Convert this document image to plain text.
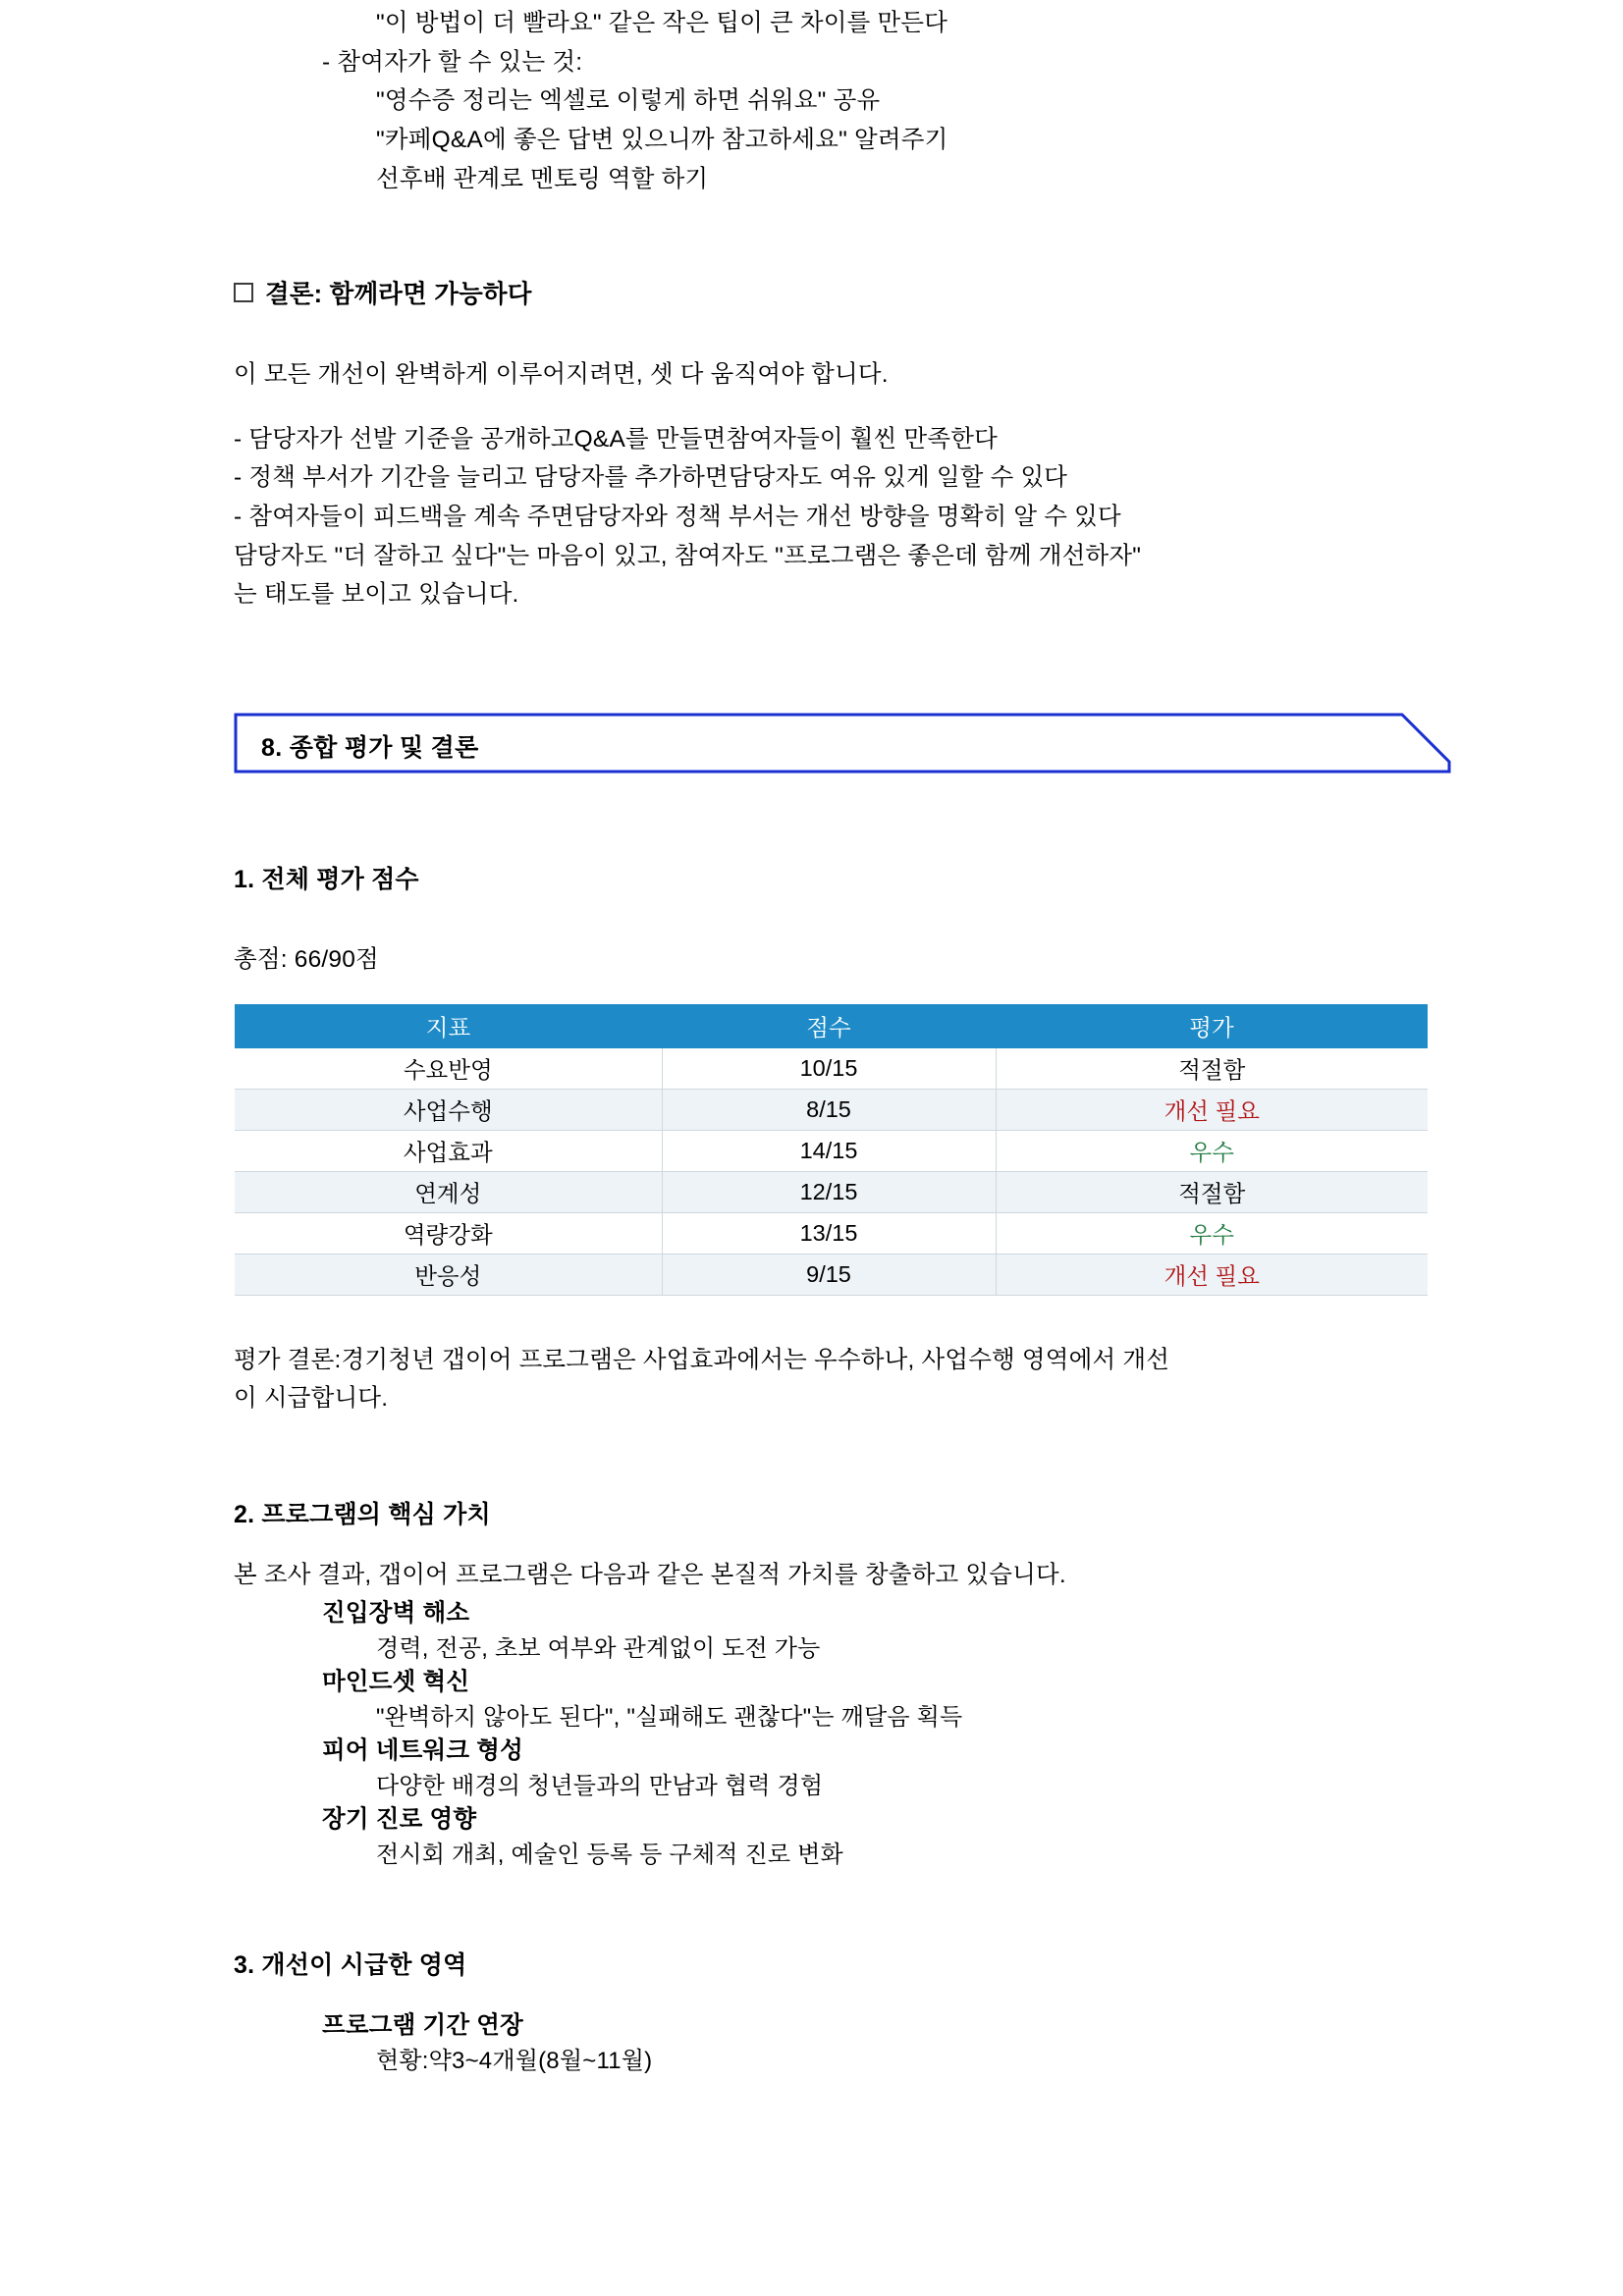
"이 방법이 더 빨라요" 같은 작은 팁이 큰 차이를 만든다
- 참여자가 할 수 있는 것:
"영수증 정리는 엑셀로 이렇게 하면 쉬워요" 공유
"카페Q&A에 좋은 답변 있으니까 참고하세요" 알려주기
선후배 관계로 멘토링 역할 하기
결론: 함께라면 가능하다
이 모든 개선이 완벽하게 이루어지려면, 셋 다 움직여야 합니다.
- 담당자가 선발 기준을 공개하고Q&A를 만들면참여자들이 훨씬 만족한다
- 정책 부서가 기간을 늘리고 담당자를 추가하면담당자도 여유 있게 일할 수 있다
- 참여자들이 피드백을 계속 주면담당자와 정책 부서는 개선 방향을 명확히 알 수 있다
담당자도 "더 잘하고 싶다"는 마음이 있고, 참여자도 "프로그램은 좋은데 함께 개선하자"
는 태도를 보이고 있습니다.
8. 종합 평가 및 결론
1. 전체 평가 점수
총점: 66/90점
지표	점수	평가
수요반영	10/15	적절함
사업수행	8/15	개선 필요
사업효과	14/15	우수
연계성	12/15	적절함
역량강화	13/15	우수
반응성	9/15	개선 필요
평가 결론:경기청년 갭이어 프로그램은 사업효과에서는 우수하나, 사업수행 영역에서 개선
이 시급합니다.
2. 프로그램의 핵심 가치
본 조사 결과, 갭이어 프로그램은 다음과 같은 본질적 가치를 창출하고 있습니다.
진입장벽 해소
경력, 전공, 초보 여부와 관계없이 도전 가능
마인드셋 혁신
"완벽하지 않아도 된다", "실패해도 괜찮다"는 깨달음 획득
피어 네트워크 형성
다양한 배경의 청년들과의 만남과 협력 경험
장기 진로 영향
전시회 개최, 예술인 등록 등 구체적 진로 변화
3. 개선이 시급한 영역
프로그램 기간 연장
현황:약3~4개월(8월~11월)
